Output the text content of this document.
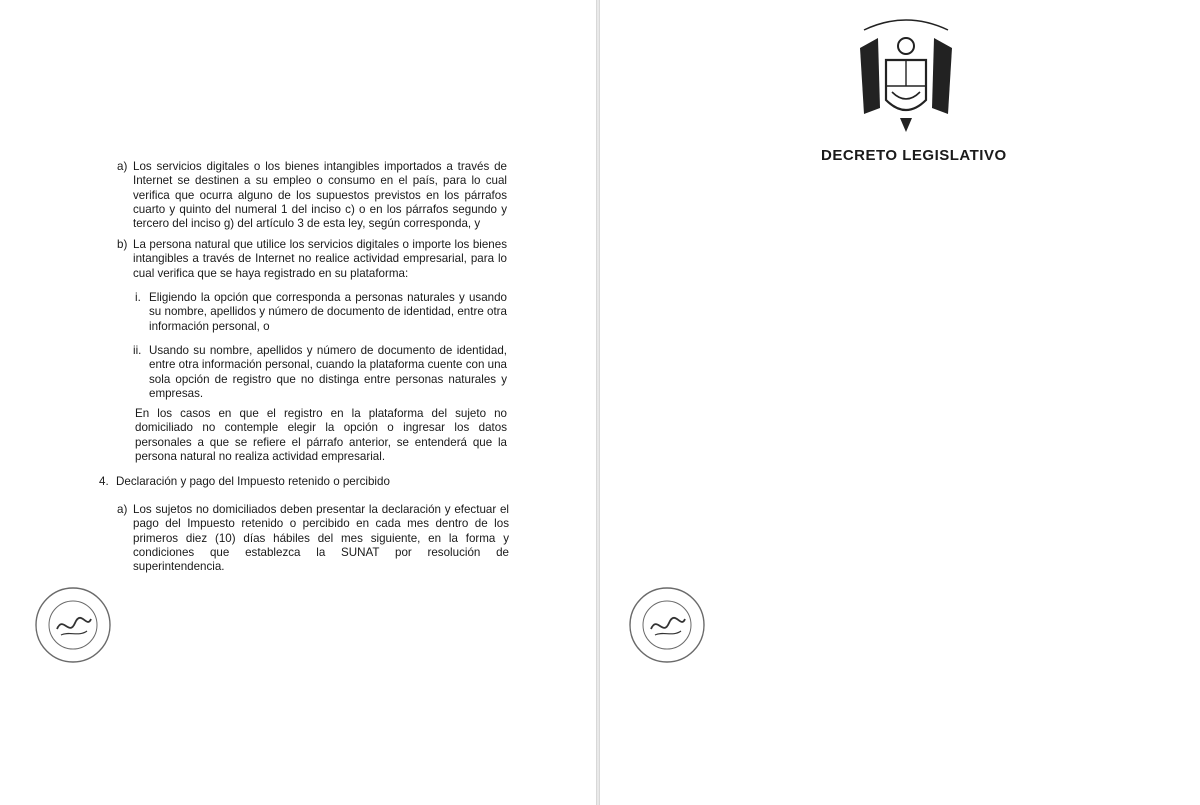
a) Los servicios digitales o los bienes intangibles importados a través de Internet se destinen a su empleo o consumo en el país, para lo cual verifica que ocurra alguno de los supuestos previstos en los párrafos cuarto y quinto del numeral 1 del inciso c) o en los párrafos segundo y tercero del inciso g) del artículo 3 de esta ley, según corresponda, y
b) La persona natural que utilice los servicios digitales o importe los bienes intangibles a través de Internet no realice actividad empresarial, para lo cual verifica que se haya registrado en su plataforma:
i. Eligiendo la opción que corresponda a personas naturales y usando su nombre, apellidos y número de documento de identidad, entre otra información personal, o
ii. Usando su nombre, apellidos y número de documento de identidad, entre otra información personal, cuando la plataforma cuente con una sola opción de registro que no distinga entre personas naturales y empresas.
En los casos en que el registro en la plataforma del sujeto no domiciliado no contemple elegir la opción o ingresar los datos personales a que se refiere el párrafo anterior, se entenderá que la persona natural no realiza actividad empresarial.
4. Declaración y pago del Impuesto retenido o percibido
a) Los sujetos no domiciliados deben presentar la declaración y efectuar el pago del Impuesto retenido o percibido en cada mes dentro de los primeros diez (10) días hábiles del mes siguiente, en la forma y condiciones que establezca la SUNAT por resolución de superintendencia.
DECRETO LEGISLATIVO
